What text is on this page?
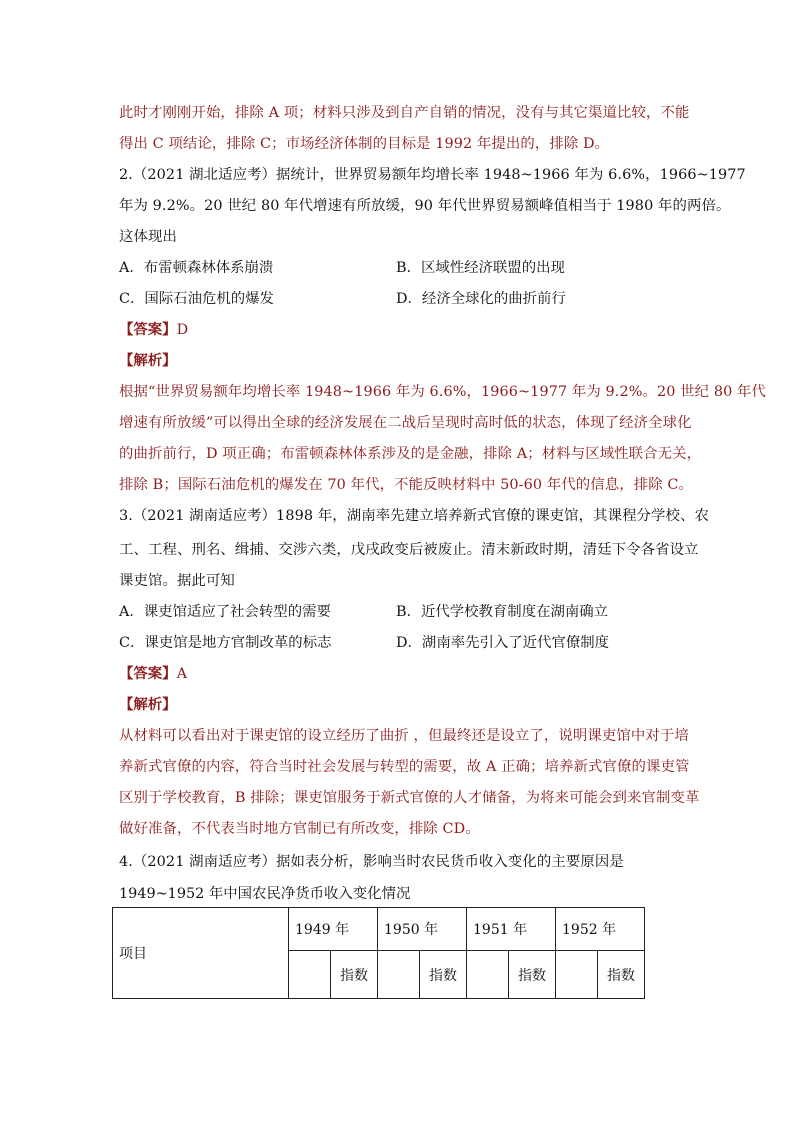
此时才刚刚开始，排除 A 项；材料只涉及到自产自销的情况，没有与其它渠道比较，不能
得出 C 项结论，排除 C；市场经济体制的目标是 1992 年提出的，排除 D。
2.（2021 湖北适应考）据统计，世界贸易额年均增长率 1948~1966 年为 6.6%，1966~1977
年为 9.2%。20 世纪 80 年代增速有所放缓，90 年代世界贸易额峰值相当于 1980 年的两倍。
这体现出
A．布雷顿森林体系崩溃	B．区域性经济联盟的出现
C．国际石油危机的爆发	D．经济全球化的曲折前行
【答案】D
【解析】
根据“世界贸易额年均增长率 1948~1966 年为 6.6%，1966~1977 年为 9.2%。20 世纪 80 年代
增速有所放缓”可以得出全球的经济发展在二战后呈现时高时低的状态，体现了经济全球化
的曲折前行，D 项正确；布雷顿森林体系涉及的是金融，排除 A；材料与区域性联合无关，
排除 B；国际石油危机的爆发在 70 年代，不能反映材料中 50-60 年代的信息，排除 C。
3.（2021 湖南适应考）1898 年，湖南率先建立培养新式官僚的课吏馆，其课程分学校、农
工、工程、刑名、缉捕、交涉六类，戊戌政变后被废止。清末新政时期，清廷下令各省设立
课吏馆。据此可知
A．课吏馆适应了社会转型的需要	B．近代学校教育制度在湖南确立
C．课吏馆是地方官制改革的标志	D．湖南率先引入了近代官僚制度
【答案】A
【解析】
从材料可以看出对于课吏馆的设立经历了曲折 ，但最终还是设立了，说明课吏馆中对于培
养新式官僚的内容，符合当时社会发展与转型的需要，故 A 正确；培养新式官僚的课吏管
区别于学校教育，B 排除；课吏馆服务于新式官僚的人才储备，为将来可能会到来官制变革
做好准备，不代表当时地方官制已有所改变，排除 CD。
4.（2021 湖南适应考）据如表分析，影响当时农民货币收入变化的主要原因是
1949~1952 年中国农民净货币收入变化情况
项目	1949 年		1950 年		1951 年		1952 年	
		指数		指数		指数		指数
